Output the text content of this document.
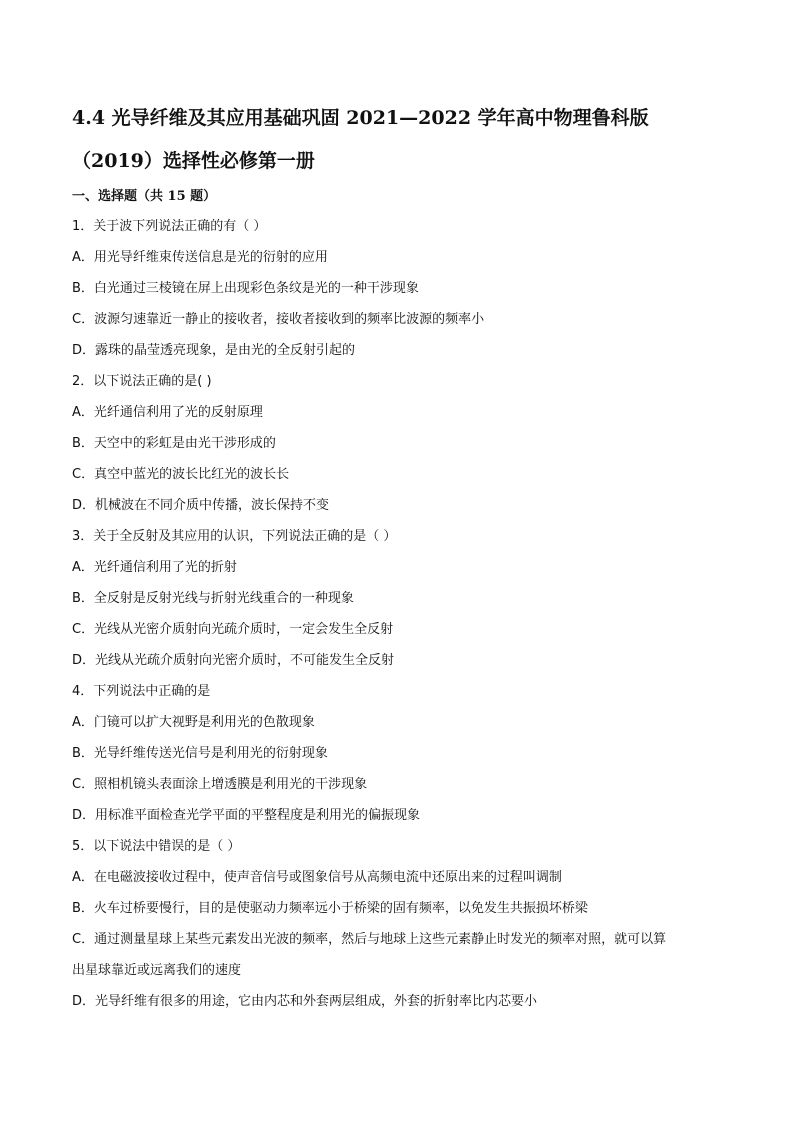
4.4 光导纤维及其应用基础巩固 2021—2022 学年高中物理鲁科版
（2019）选择性必修第一册
一、选择题（共 15 题）
1．关于波下列说法正确的有（ ）
A．用光导纤维束传送信息是光的衍射的应用
B．白光通过三棱镜在屏上出现彩色条纹是光的一种干涉现象
C．波源匀速靠近一静止的接收者，接收者接收到的频率比波源的频率小
D．露珠的晶莹透亮现象，是由光的全反射引起的
2．以下说法正确的是( )
A．光纤通信利用了光的反射原理
B．天空中的彩虹是由光干涉形成的
C．真空中蓝光的波长比红光的波长长
D．机械波在不同介质中传播，波长保持不变
3．关于全反射及其应用的认识，下列说法正确的是（ ）
A．光纤通信利用了光的折射
B．全反射是反射光线与折射光线重合的一种现象
C．光线从光密介质射向光疏介质时，一定会发生全反射
D．光线从光疏介质射向光密介质时，不可能发生全反射
4．下列说法中正确的是
A．门镜可以扩大视野是利用光的色散现象
B．光导纤维传送光信号是利用光的衍射现象
C．照相机镜头表面涂上增透膜是利用光的干涉现象
D．用标准平面检查光学平面的平整程度是利用光的偏振现象
5．以下说法中错误的是（ ）
A．在电磁波接收过程中，使声音信号或图象信号从高频电流中还原出来的过程叫调制
B．火车过桥要慢行，目的是使驱动力频率远小于桥梁的固有频率，以免发生共振损坏桥梁
C．通过测量星球上某些元素发出光波的频率，然后与地球上这些元素静止时发光的频率对照，就可以算
出星球靠近或远离我们的速度
D．光导纤维有很多的用途，它由内芯和外套两层组成，外套的折射率比内芯要小
